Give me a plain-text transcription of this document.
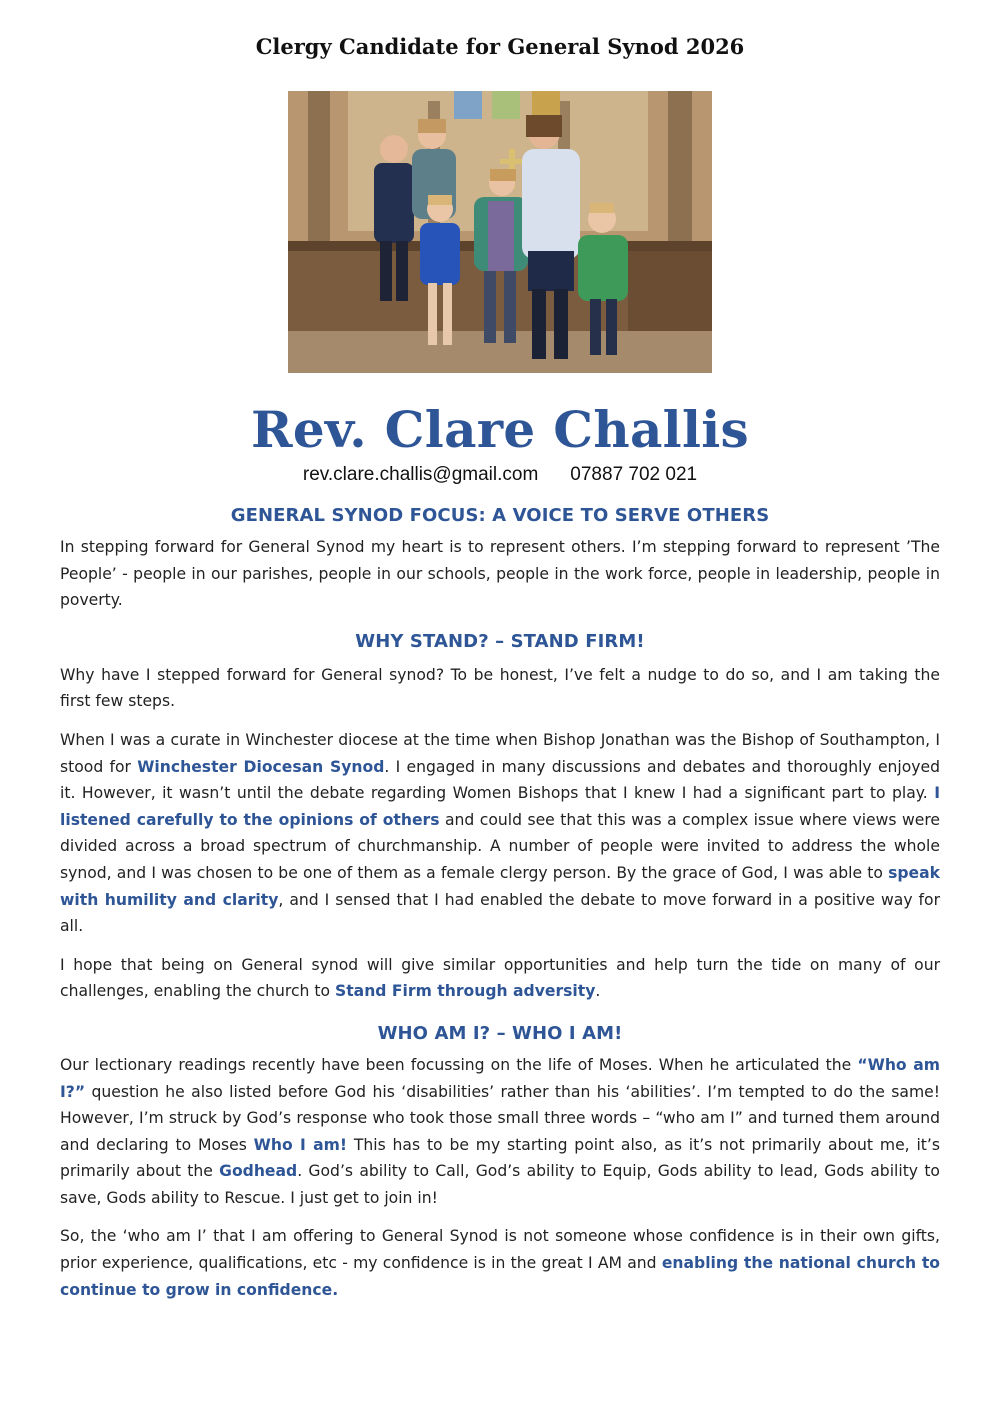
Clergy Candidate for General Synod 2026
Rev. Clare Challis
rev.clare.challis@gmail.com 07887 702 021
GENERAL SYNOD FOCUS: A VOICE TO SERVE OTHERS

In stepping forward for General Synod my heart is to represent others. I’m stepping forward to represent ’The People’ - people in our parishes, people in our schools, people in the work force, people in leadership, people in poverty.

WHY STAND? – STAND FIRM!

Why have I stepped forward for General synod? To be honest, I’ve felt a nudge to do so, and I am taking the first few steps.

When I was a curate in Winchester diocese at the time when Bishop Jonathan was the Bishop of Southampton, I stood for Winchester Diocesan Synod. I engaged in many discussions and debates and thoroughly enjoyed it. However, it wasn’t until the debate regarding Women Bishops that I knew I had a significant part to play. I listened carefully to the opinions of others and could see that this was a complex issue where views were divided across a broad spectrum of churchmanship. A number of people were invited to address the whole synod, and I was chosen to be one of them as a female clergy person. By the grace of God, I was able to speak with humility and clarity, and I sensed that I had enabled the debate to move forward in a positive way for all.

I hope that being on General synod will give similar opportunities and help turn the tide on many of our challenges, enabling the church to Stand Firm through adversity.

WHO AM I? – WHO I AM!

Our lectionary readings recently have been focussing on the life of Moses. When he articulated the “Who am I?” question he also listed before God his ‘disabilities’ rather than his ‘abilities’. I’m tempted to do the same! However, I’m struck by God’s response who took those small three words – “who am I” and turned them around and declaring to Moses Who I am! This has to be my starting point also, as it’s not primarily about me, it’s primarily about the Godhead. God’s ability to Call, God’s ability to Equip, Gods ability to lead, Gods ability to save, Gods ability to Rescue. I just get to join in!

So, the ‘who am I’ that I am offering to General Synod is not someone whose confidence is in their own gifts, prior experience, qualifications, etc - my confidence is in the great I AM and enabling the national church to continue to grow in confidence.
